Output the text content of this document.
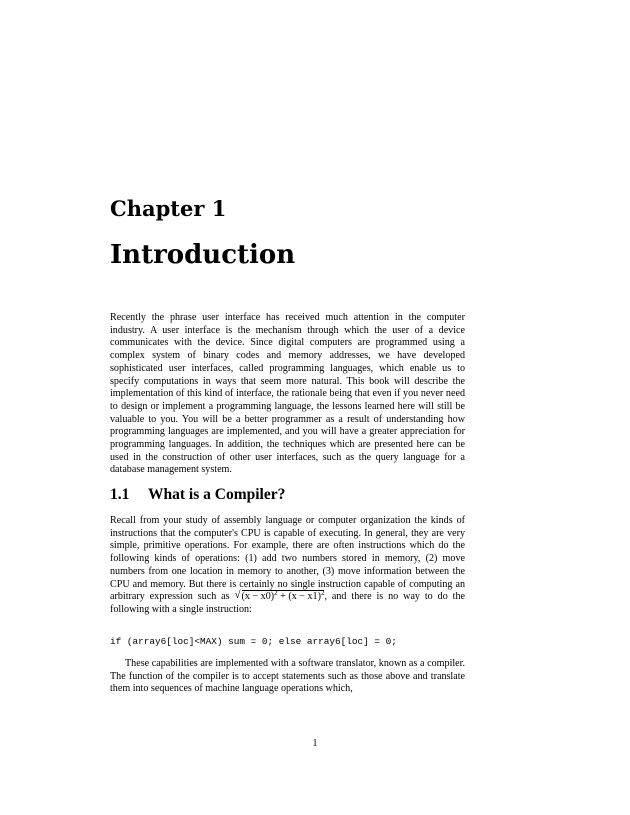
Chapter 1
Introduction

Recently the phrase user interface has received much attention in the computer industry. A user interface is the mechanism through which the user of a device communicates with the device. Since digital computers are programmed using a complex system of binary codes and memory addresses, we have developed sophisticated user interfaces, called programming languages, which enable us to specify computations in ways that seem more natural. This book will describe the implementation of this kind of interface, the rationale being that even if you never need to design or implement a programming language, the lessons learned here will still be valuable to you. You will be a better programmer as a result of understanding how programming languages are implemented, and you will have a greater appreciation for programming languages. In addition, the techniques which are presented here can be used in the construction of other user interfaces, such as the query language for a database management system.

1.1 What is a Compiler?

Recall from your study of assembly language or computer organization the kinds of instructions that the computer's CPU is capable of executing. In general, they are very simple, primitive operations. For example, there are often instructions which do the following kinds of operations: (1) add two numbers stored in memory, (2) move numbers from one location in memory to another, (3) move information between the CPU and memory. But there is certainly no single instruction capable of computing an arbitrary expression such as √ $(x - x0)^2 + (x - x1)^2$, and there is no way to do the following with a single instruction:

if (array6[loc]<MAX) sum = 0; else array6[loc] = 0;

These capabilities are implemented with a software translator, known as a compiler. The function of the compiler is to accept statements such as those above and translate them into sequences of machine language operations which,

1
